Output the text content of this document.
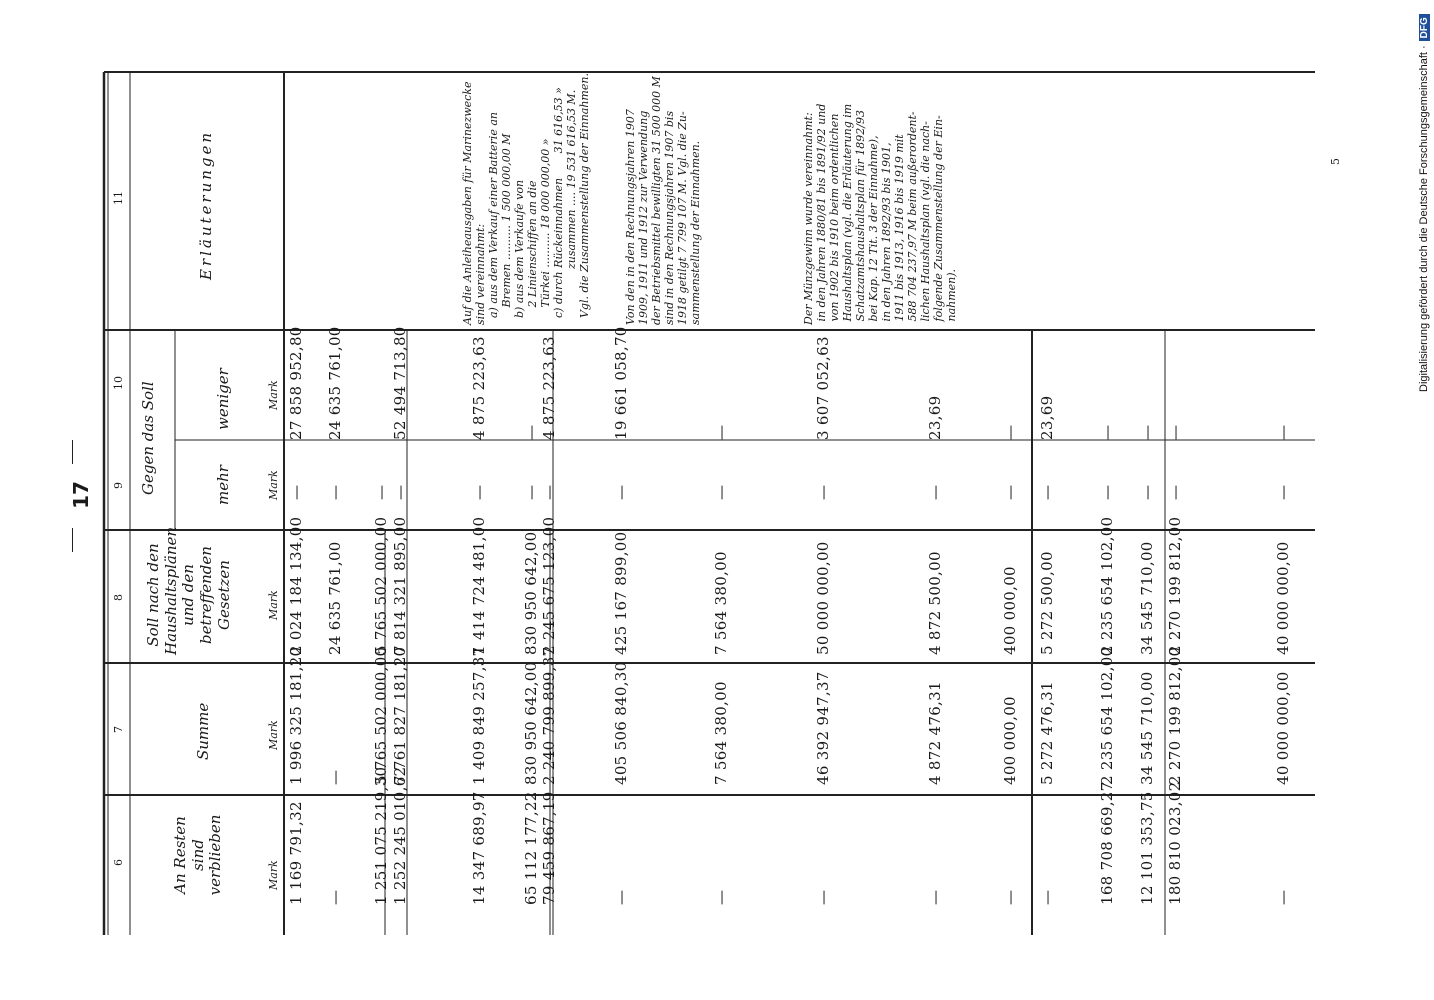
17
6
7
8
9
10
11
An Resten sind verblieben
Summe
Soll nach den Haushaltsplänen und den betreffenden Gesetzen
Gegen das Soll	mehr
weniger
Erläuterungen
Mark
Mark
Mark
Mark
Mark
1 169 791,32
1 996 325 181,20
2 024 184 134,00
—
27 858 952,80
—
—
24 635 761,00
—
24 635 761,00
1 251 075 219,30
5 765 502 000,00
5 765 502 000,00
—
1 252 245 010,62
7 761 827 181,20
7 814 321 895,00
—
52 494 713,80
14 347 689,97
1 409 849 257,37
1 414 724 481,00
—
4 875 223,63
65 112 177,22
830 950 642,00
830 950 642,00
—
—
79 459 867,19
2 240 799 899,37
2 245 675 123,00
—
4 875 223,63
—
405 506 840,30
425 167 899,00
—
19 661 058,70
—
7 564 380,00
7 564 380,00
—
—
—
46 392 947,37
50 000 000,00
—
3 607 052,63
—
4 872 476,31
4 872 500,00
—
23,69
—
400 000,00
400 000,00
—
—
—
5 272 476,31
5 272 500,00
—
23,69
168 708 669,27
2 235 654 102,00
2 235 654 102,00
—
—
12 101 353,75
34 545 710,00
34 545 710,00
—
—
180 810 023,02
2 270 199 812,00
2 270 199 812,00
—
—
—
40 000 000,00
40 000 000,00
—
—
Auf die Anleiheausgaben für Marinezwecke
sind vereinnahmt:
a) aus dem Verkauf einer Batterie an
Bremen .......... 1 500 000,00 M
b) aus dem Verkaufe von
2 Linienschiffen an die
Türkei .......... 18 000 000,00 »
c) durch Rückeinnahmen       31 616,53 »
zusammen .... 19 531 616,53 M.
Vgl. die Zusammenstellung der Einnahmen.
Von den in den Rechnungsjahren 1907
1909, 1911 und 1912 zur Verwendung
der Betriebsmittel bewilligten 31 500 000 M
sind in den Rechnungsjahren 1907 bis
1918 getilgt 7 799 107 M. Vgl. die Zu-
sammenstellung der Einnahmen.
Der Münzgewinn wurde vereinnahmt:
in den Jahren 1880/81 bis 1891/92 und
von 1902 bis 1910 beim ordentlichen
Haushaltsplan (vgl. die Erläuterung im
Schatzamtshaushaltsplan für 1892/93
bei Kap. 12 Tit. 3 der Einnahme),
in den Jahren 1892/93 bis 1901,
1911 bis 1913, 1916 bis 1919 mit
588 704 237,97 M beim außerordent-
lichen Haushaltsplan (vgl. die nach-
folgende Zusammenstellung der Ein-
nahmen).
5	Digitalisierung gefördert durch die Deutsche Forschungsgemeinschaft ·DFG
